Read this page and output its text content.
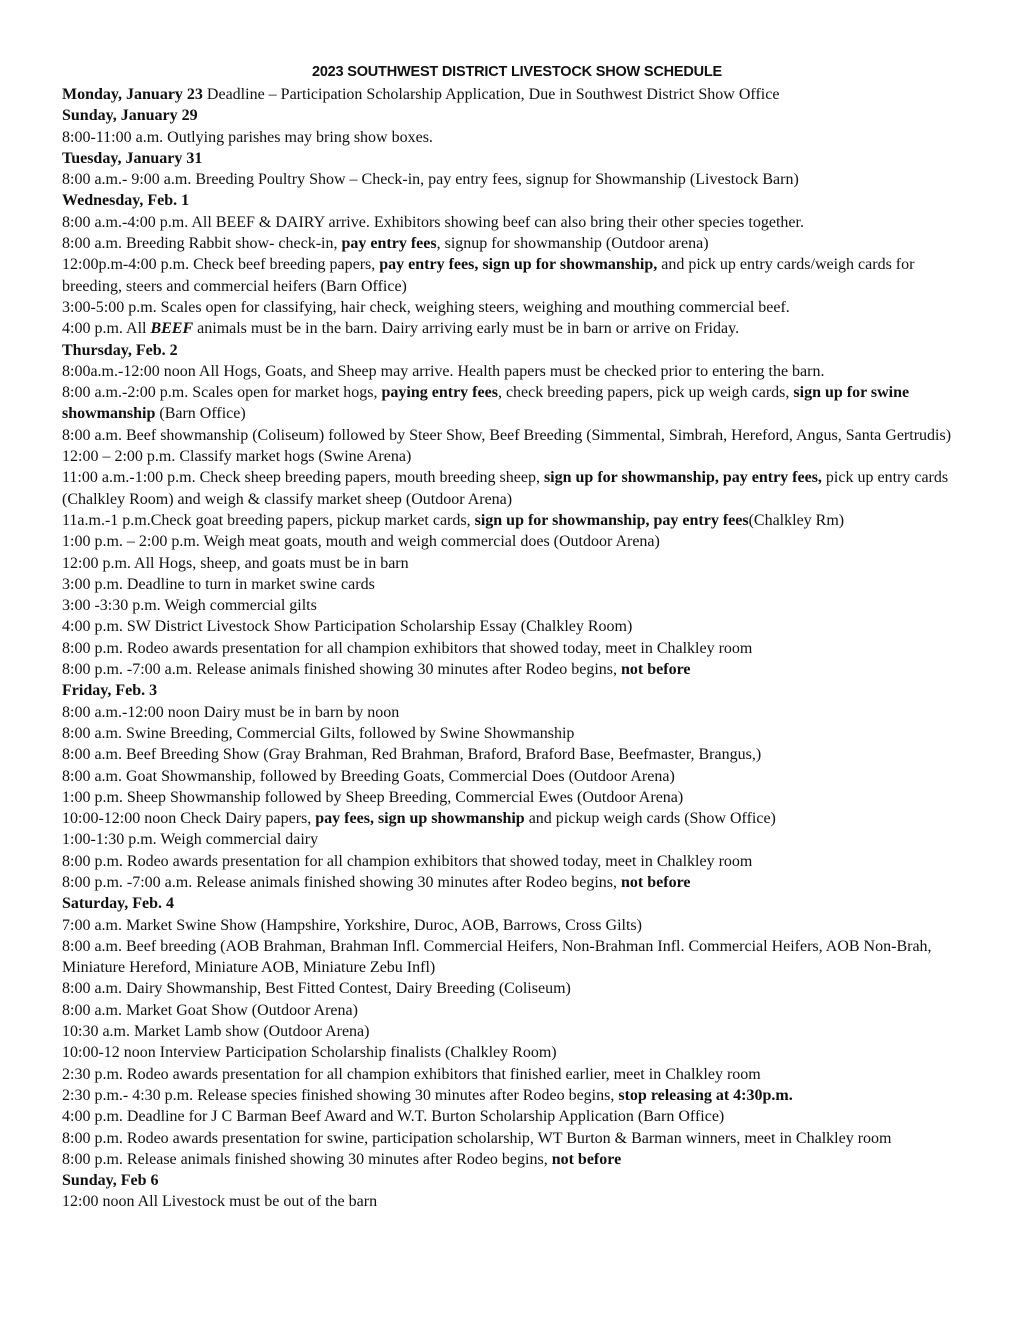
2023 SOUTHWEST DISTRICT LIVESTOCK SHOW SCHEDULE
Monday, January 23 Deadline – Participation Scholarship Application, Due in Southwest District Show Office
Sunday, January 29
8:00-11:00 a.m. Outlying parishes may bring show boxes.
Tuesday, January 31
8:00 a.m.- 9:00 a.m. Breeding Poultry Show – Check-in, pay entry fees, signup for Showmanship (Livestock Barn)
Wednesday, Feb. 1
8:00 a.m.-4:00 p.m. All BEEF & DAIRY arrive. Exhibitors showing beef can also bring their other species together.
8:00 a.m. Breeding Rabbit show- check-in, pay entry fees, signup for showmanship (Outdoor arena)
12:00p.m-4:00 p.m. Check beef breeding papers, pay entry fees, sign up for showmanship, and pick up entry cards/weigh cards for breeding, steers and commercial heifers (Barn Office)
3:00-5:00 p.m. Scales open for classifying, hair check, weighing steers, weighing and mouthing commercial beef.
4:00 p.m. All BEEF animals must be in the barn. Dairy arriving early must be in barn or arrive on Friday.
Thursday, Feb. 2
8:00a.m.-12:00 noon All Hogs, Goats, and Sheep may arrive. Health papers must be checked prior to entering the barn.
8:00 a.m.-2:00 p.m. Scales open for market hogs, paying entry fees, check breeding papers, pick up weigh cards, sign up for swine showmanship (Barn Office)
8:00 a.m. Beef showmanship (Coliseum) followed by Steer Show, Beef Breeding (Simmental, Simbrah, Hereford, Angus, Santa Gertrudis)
12:00 – 2:00 p.m. Classify market hogs (Swine Arena)
11:00 a.m.-1:00 p.m. Check sheep breeding papers, mouth breeding sheep, sign up for showmanship, pay entry fees, pick up entry cards (Chalkley Room) and weigh & classify market sheep (Outdoor Arena)
11a.m.-1 p.m.Check goat breeding papers, pickup market cards, sign up for showmanship, pay entry fees(Chalkley Rm)
1:00 p.m. – 2:00 p.m. Weigh meat goats, mouth and weigh commercial does (Outdoor Arena)
12:00 p.m. All Hogs, sheep, and goats must be in barn
3:00 p.m. Deadline to turn in market swine cards
3:00 -3:30 p.m. Weigh commercial gilts
4:00 p.m. SW District Livestock Show Participation Scholarship Essay (Chalkley Room)
8:00 p.m. Rodeo awards presentation for all champion exhibitors that showed today, meet in Chalkley room
8:00 p.m. -7:00 a.m. Release animals finished showing 30 minutes after Rodeo begins, not before
Friday, Feb. 3
8:00 a.m.-12:00 noon Dairy must be in barn by noon
8:00 a.m. Swine Breeding, Commercial Gilts, followed by Swine Showmanship
8:00 a.m. Beef Breeding Show (Gray Brahman, Red Brahman, Braford, Braford Base, Beefmaster, Brangus,)
8:00 a.m. Goat Showmanship, followed by Breeding Goats, Commercial Does (Outdoor Arena)
1:00 p.m. Sheep Showmanship followed by Sheep Breeding, Commercial Ewes (Outdoor Arena)
10:00-12:00 noon Check Dairy papers, pay fees, sign up showmanship and pickup weigh cards (Show Office)
1:00-1:30 p.m. Weigh commercial dairy
8:00 p.m. Rodeo awards presentation for all champion exhibitors that showed today, meet in Chalkley room
8:00 p.m. -7:00 a.m. Release animals finished showing 30 minutes after Rodeo begins, not before
Saturday, Feb. 4
7:00 a.m. Market Swine Show (Hampshire, Yorkshire, Duroc, AOB, Barrows, Cross Gilts)
8:00 a.m. Beef breeding (AOB Brahman, Brahman Infl. Commercial Heifers, Non-Brahman Infl. Commercial Heifers, AOB Non-Brah, Miniature Hereford, Miniature AOB, Miniature Zebu Infl)
8:00 a.m. Dairy Showmanship, Best Fitted Contest, Dairy Breeding (Coliseum)
8:00 a.m. Market Goat Show (Outdoor Arena)
10:30 a.m. Market Lamb show (Outdoor Arena)
10:00-12 noon Interview Participation Scholarship finalists (Chalkley Room)
2:30 p.m. Rodeo awards presentation for all champion exhibitors that finished earlier, meet in Chalkley room
2:30 p.m.- 4:30 p.m. Release species finished showing 30 minutes after Rodeo begins, stop releasing at 4:30p.m.
4:00 p.m. Deadline for J C Barman Beef Award and W.T. Burton Scholarship Application (Barn Office)
8:00 p.m. Rodeo awards presentation for swine, participation scholarship, WT Burton & Barman winners, meet in Chalkley room
8:00 p.m. Release animals finished showing 30 minutes after Rodeo begins, not before
Sunday, Feb 6
12:00 noon All Livestock must be out of the barn
